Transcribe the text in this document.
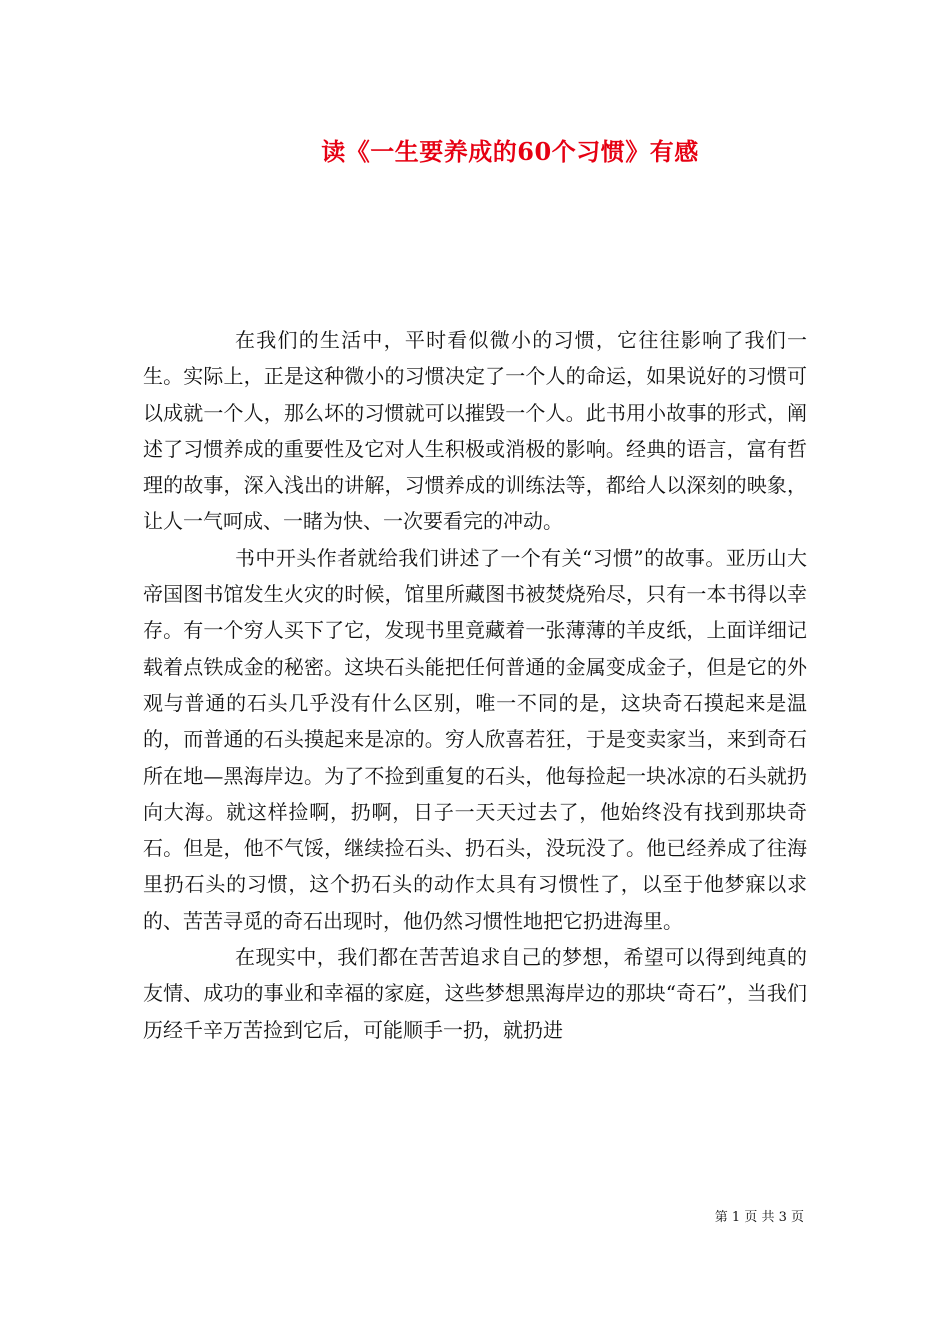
读《一生要养成的60个习惯》有感

在我们的生活中，平时看似微小的习惯，它往往影响了我们一生。实际上，正是这种微小的习惯决定了一个人的命运，如果说好的习惯可以成就一个人，那么坏的习惯就可以摧毁一个人。此书用小故事的形式，阐述了习惯养成的重要性及它对人生积极或消极的影响。经典的语言，富有哲理的故事，深入浅出的讲解，习惯养成的训练法等，都给人以深刻的映象，让人一气呵成、一睹为快、一次要看完的冲动。

书中开头作者就给我们讲述了一个有关“习惯”的故事。亚历山大帝国图书馆发生火灾的时候，馆里所藏图书被焚烧殆尽，只有一本书得以幸存。有一个穷人买下了它，发现书里竟藏着一张薄薄的羊皮纸，上面详细记载着点铁成金的秘密。这块石头能把任何普通的金属变成金子，但是它的外观与普通的石头几乎没有什么区别，唯一不同的是，这块奇石摸起来是温的，而普通的石头摸起来是凉的。穷人欣喜若狂，于是变卖家当，来到奇石所在地—黑海岸边。为了不捡到重复的石头，他每捡起一块冰凉的石头就扔向大海。就这样捡啊，扔啊，日子一天天过去了，他始终没有找到那块奇石。但是，他不气馁，继续捡石头、扔石头，没玩没了。他已经养成了往海里扔石头的习惯，这个扔石头的动作太具有习惯性了，以至于他梦寐以求的、苦苦寻觅的奇石出现时，他仍然习惯性地把它扔进海里。

在现实中，我们都在苦苦追求自己的梦想，希望可以得到纯真的友情、成功的事业和幸福的家庭，这些梦想黑海岸边的那块“奇石”，当我们历经千辛万苦捡到它后，可能顺手一扔，就扔进

第 1 页 共 3 页
